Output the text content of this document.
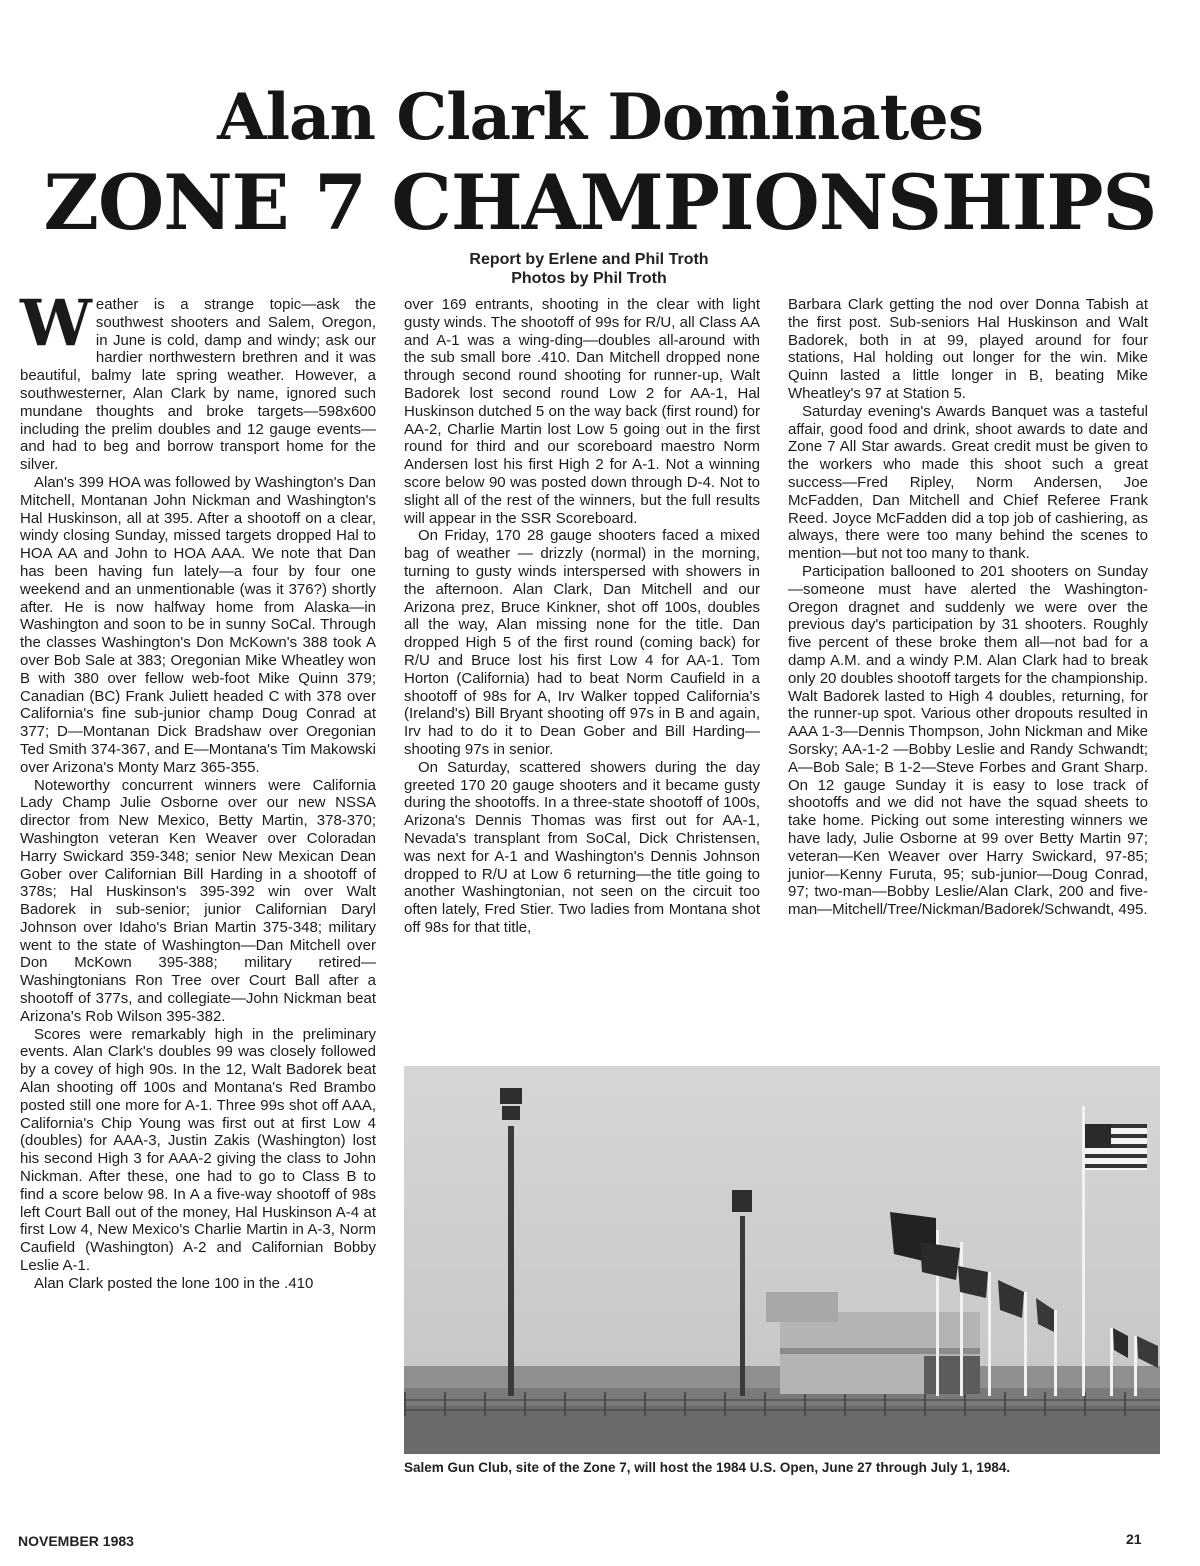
Alan Clark Dominates
ZONE 7 CHAMPIONSHIPS
Report by Erlene and Phil Troth
Photos by Phil Troth
W eather is a strange topic—ask the southwest shooters and Salem, Oregon, in June is cold, damp and windy; ask our hardier northwestern brethren and it was beautiful, balmy late spring weather. However, a southwesterner, Alan Clark by name, ignored such mundane thoughts and broke targets—598x600 including the prelim doubles and 12 gauge events—and had to beg and borrow transport home for the silver.

Alan's 399 HOA was followed by Washington's Dan Mitchell, Montanan John Nickman and Washington's Hal Huskinson, all at 395. After a shootoff on a clear, windy closing Sunday, missed targets dropped Hal to HOA AA and John to HOA AAA. We note that Dan has been having fun lately—a four by four one weekend and an unmentionable (was it 376?) shortly after. He is now halfway home from Alaska—in Washington and soon to be in sunny SoCal. Through the classes Washington's Don McKown's 388 took A over Bob Sale at 383; Oregonian Mike Wheatley won B with 380 over fellow web-foot Mike Quinn 379; Canadian (BC) Frank Juliett headed C with 378 over California's fine sub-junior champ Doug Conrad at 377; D—Montanan Dick Bradshaw over Oregonian Ted Smith 374-367, and E—Montana's Tim Makowski over Arizona's Monty Marz 365-355.

Noteworthy concurrent winners were California Lady Champ Julie Osborne over our new NSSA director from New Mexico, Betty Martin, 378-370; Washington veteran Ken Weaver over Coloradan Harry Swickard 359-348; senior New Mexican Dean Gober over Californian Bill Harding in a shootoff of 378s; Hal Huskinson's 395-392 win over Walt Badorek in sub-senior; junior Californian Daryl Johnson over Idaho's Brian Martin 375-348; military went to the state of Washington—Dan Mitchell over Don McKown 395-388; military retired—Washingtonians Ron Tree over Court Ball after a shootoff of 377s, and collegiate—John Nickman beat Arizona's Rob Wilson 395-382.

Scores were remarkably high in the preliminary events. Alan Clark's doubles 99 was closely followed by a covey of high 90s. In the 12, Walt Badorek beat Alan shooting off 100s and Montana's Red Brambo posted still one more for A-1. Three 99s shot off AAA, California's Chip Young was first out at first Low 4 (doubles) for AAA-3, Justin Zakis (Washington) lost his second High 3 for AAA-2 giving the class to John Nickman. After these, one had to go to Class B to find a score below 98. In A a five-way shootoff of 98s left Court Ball out of the money, Hal Huskinson A-4 at first Low 4, New Mexico's Charlie Martin in A-3, Norm Caufield (Washington) A-2 and Californian Bobby Leslie A-1.

Alan Clark posted the lone 100 in the .410

over 169 entrants, shooting in the clear with light gusty winds. The shootoff of 99s for R/U, all Class AA and A-1 was a wing-ding—doubles all-around with the sub small bore .410. Dan Mitchell dropped none through second round shooting for runner-up, Walt Badorek lost second round Low 2 for AA-1, Hal Huskinson dutched 5 on the way back (first round) for AA-2, Charlie Martin lost Low 5 going out in the first round for third and our scoreboard maestro Norm Andersen lost his first High 2 for A-1. Not a winning score below 90 was posted down through D-4. Not to slight all of the rest of the winners, but the full results will appear in the SSR Scoreboard.

On Friday, 170 28 gauge shooters faced a mixed bag of weather — drizzly (normal) in the morning, turning to gusty winds interspersed with showers in the afternoon. Alan Clark, Dan Mitchell and our Arizona prez, Bruce Kinkner, shot off 100s, doubles all the way, Alan missing none for the title. Dan dropped High 5 of the first round (coming back) for R/U and Bruce lost his first Low 4 for AA-1. Tom Horton (California) had to beat Norm Caufield in a shootoff of 98s for A, Irv Walker topped California's (Ireland's) Bill Bryant shooting off 97s in B and again, Irv had to do it to Dean Gober and Bill Harding—shooting 97s in senior.

On Saturday, scattered showers during the day greeted 170 20 gauge shooters and it became gusty during the shootoffs. In a three-state shootoff of 100s, Arizona's Dennis Thomas was first out for AA-1, Nevada's transplant from SoCal, Dick Christensen, was next for A-1 and Washington's Dennis Johnson dropped to R/U at Low 6 returning—the title going to another Washingtonian, not seen on the circuit too often lately, Fred Stier. Two ladies from Montana shot off 98s for that title,

Barbara Clark getting the nod over Donna Tabish at the first post. Sub-seniors Hal Huskinson and Walt Badorek, both in at 99, played around for four stations, Hal holding out longer for the win. Mike Quinn lasted a little longer in B, beating Mike Wheatley's 97 at Station 5.

Saturday evening's Awards Banquet was a tasteful affair, good food and drink, shoot awards to date and Zone 7 All Star awards. Great credit must be given to the workers who made this shoot such a great success—Fred Ripley, Norm Andersen, Joe McFadden, Dan Mitchell and Chief Referee Frank Reed. Joyce McFadden did a top job of cashiering, as always, there were too many behind the scenes to mention—but not too many to thank.

Participation ballooned to 201 shooters on Sunday—someone must have alerted the Washington-Oregon dragnet and suddenly we were over the previous day's participation by 31 shooters. Roughly five percent of these broke them all—not bad for a damp A.M. and a windy P.M. Alan Clark had to break only 20 doubles shootoff targets for the championship. Walt Badorek lasted to High 4 doubles, returning, for the runner-up spot. Various other dropouts resulted in AAA 1-3—Dennis Thompson, John Nickman and Mike Sorsky; AA-1-2 —Bobby Leslie and Randy Schwandt; A—Bob Sale; B 1-2—Steve Forbes and Grant Sharp. On 12 gauge Sunday it is easy to lose track of shootoffs and we did not have the squad sheets to take home. Picking out some interesting winners we have lady, Julie Osborne at 99 over Betty Martin 97; veteran—Ken Weaver over Harry Swickard, 97-85; junior—Kenny Furuta, 95; sub-junior—Doug Conrad, 97; two-man—Bobby Leslie/Alan Clark, 200 and five-man—Mitchell/Tree/Nickman/Badorek/Schwandt, 495.

Salem Gun Club, site of the Zone 7, will host the 1984 U.S. Open, June 27 through July 1, 1984.
NOVEMBER 1983	21
